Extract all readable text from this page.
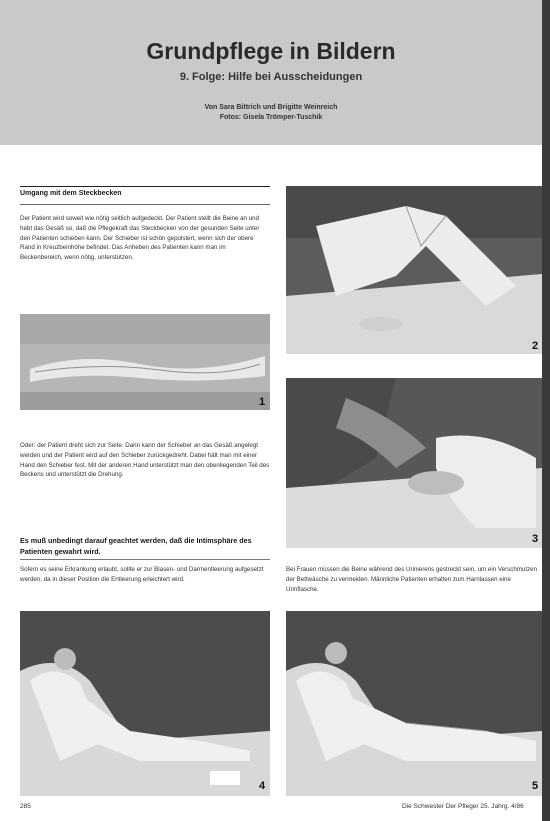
Grundpflege in Bildern
9. Folge: Hilfe bei Ausscheidungen
Von Sara Bittrich und Brigitte Weinreich
Fotos: Gisela Trömper-Tuschik
Umgang mit dem Steckbecken

Der Patient wird soweit wie nötig seitlich aufgedeckt. Der Patient stellt die Beine an und hebt das Gesäß so, daß die Pflegekraft das Steckbecken von der gesunden Seite unter den Patienten schieben kann. Der Schieber ist schön gepolstert, wenn sich der obere Rand in Kreuzbeinhöhe befindet. Das Anheben des Patienten kann man im Beckenbereich, wenn nötig, unterstützen.

1

Oder: der Patient dreht sich zur Seite. Dann kann der Schieber an das Gesäß angelegt werden und der Patient wird auf den Schieber zurückgedreht. Dabei hält man mit einer Hand den Schieber fest. Mit der anderen Hand unterstützt man den obenliegenden Teil des Beckens und unterstützt die Drehung.

Es muß unbedingt darauf geachtet werden, daß die Intimsphäre des Patienten gewahrt wird.

Sofern es seine Erkrankung erlaubt, sollte er zur Blasen- und Darmentleerung aufgesetzt werden, da in dieser Position die Entleerung erleichtert wird.

2
3

Bei Frauen müssen die Beine während des Urinierens gestreckt sein, um ein Verschmutzen der Bettwäsche zu vermeiden. Männliche Patienten erhalten zum Harnlassen eine Urinflasche.

4	5
285	Die Schwester Der Pfleger 25. Jahrg. 4/86
